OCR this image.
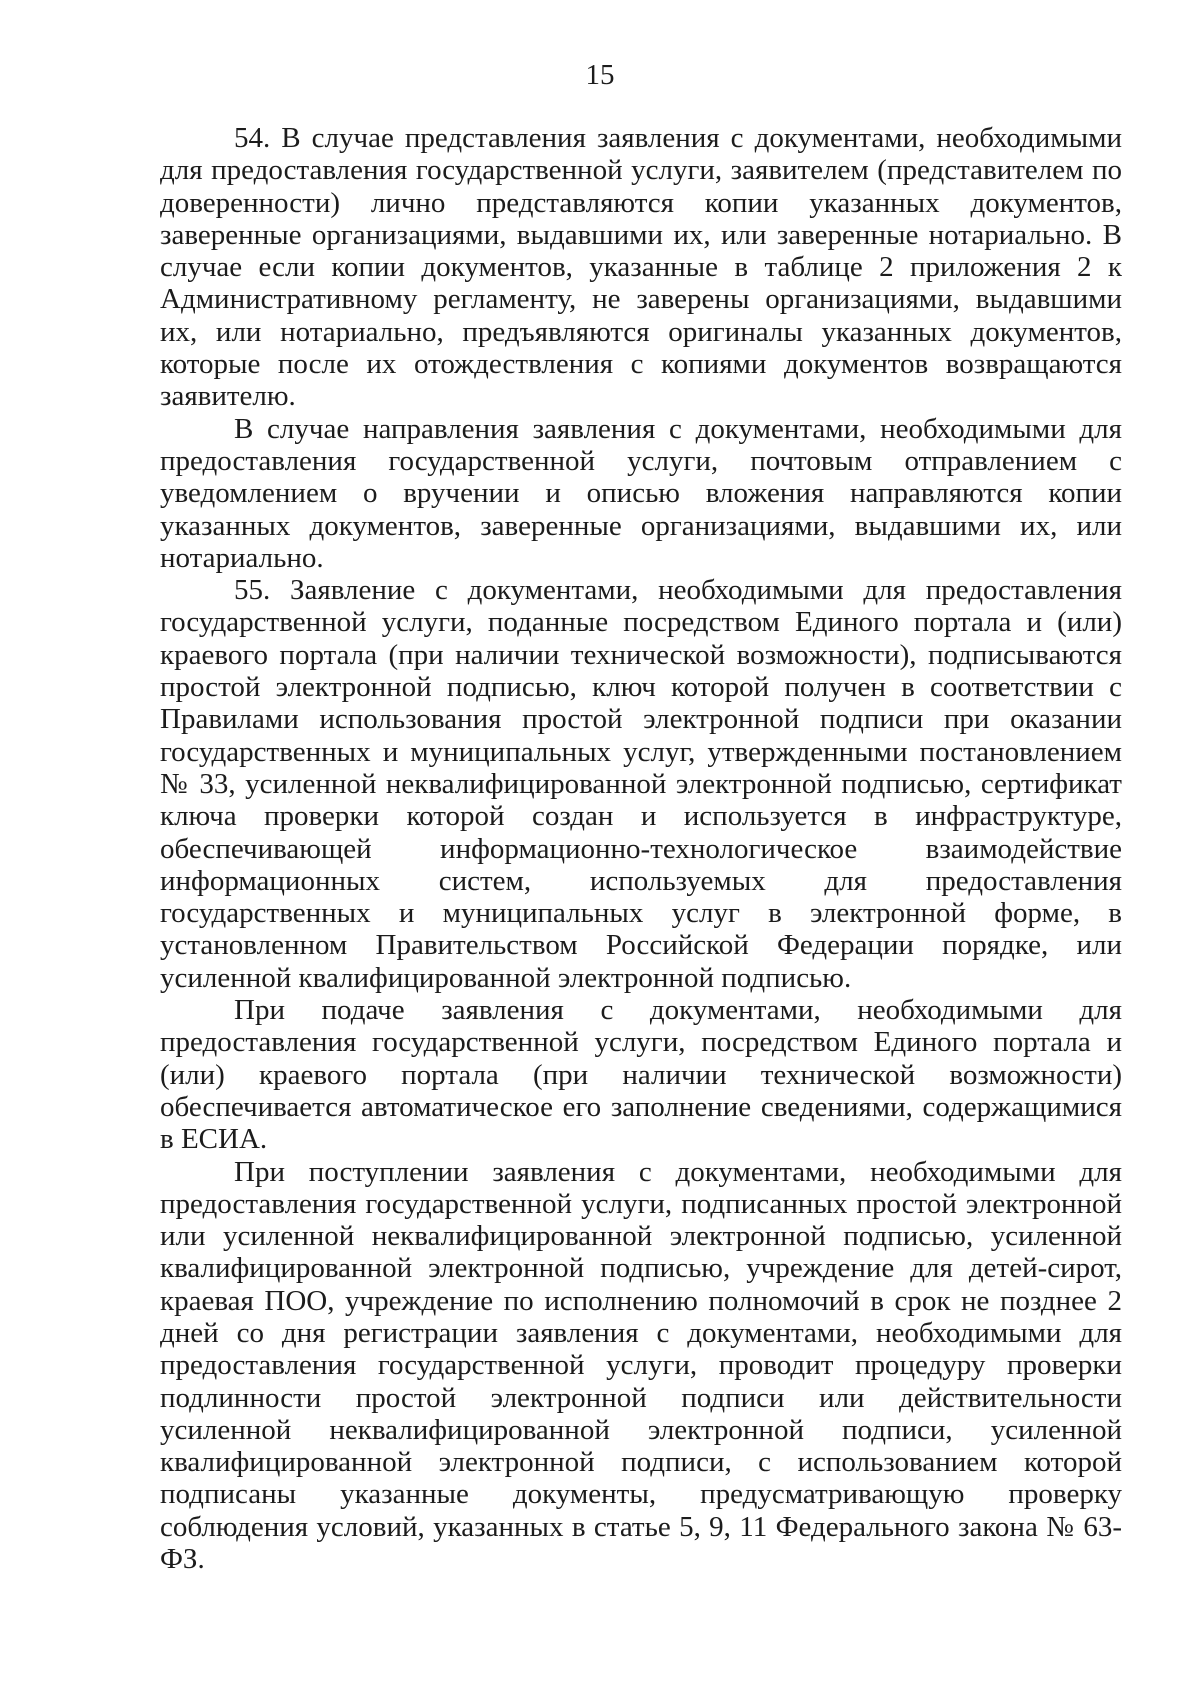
15

54. В случае представления заявления с документами, необходимыми для предоставления государственной услуги, заявителем (представителем по доверенности) лично представляются копии указанных документов, заверенные организациями, выдавшими их, или заверенные нотариально. В случае если копии документов, указанные в таблице 2 приложения 2 к Административному регламенту, не заверены организациями, выдавшими их, или нотариально, предъявляются оригиналы указанных документов, которые после их отождествления с копиями документов возвращаются заявителю.

В случае направления заявления с документами, необходимыми для предоставления государственной услуги, почтовым отправлением с уведомлением о вручении и описью вложения направляются копии указанных документов, заверенные организациями, выдавшими их, или нотариально.

55. Заявление с документами, необходимыми для предоставления государственной услуги, поданные посредством Единого портала и (или) краевого портала (при наличии технической возможности), подписываются простой электронной подписью, ключ которой получен в соответствии с Правилами использования простой электронной подписи при оказании государственных и муниципальных услуг, утвержденными постановлением № 33, усиленной неквалифицированной электронной подписью, сертификат ключа проверки которой создан и используется в инфраструктуре, обеспечивающей информационно-технологическое взаимодействие информационных систем, используемых для предоставления государственных и муниципальных услуг в электронной форме, в установленном Правительством Российской Федерации порядке, или усиленной квалифицированной электронной подписью.

При подаче заявления с документами, необходимыми для предоставления государственной услуги, посредством Единого портала и (или) краевого портала (при наличии технической возможности) обеспечивается автоматическое его заполнение сведениями, содержащимися в ЕСИА.

При поступлении заявления с документами, необходимыми для предоставления государственной услуги, подписанных простой электронной или усиленной неквалифицированной электронной подписью, усиленной квалифицированной электронной подписью, учреждение для детей-сирот, краевая ПОО, учреждение по исполнению полномочий в срок не позднее 2 дней со дня регистрации заявления с документами, необходимыми для предоставления государственной услуги, проводит процедуру проверки подлинности простой электронной подписи или действительности усиленной неквалифицированной электронной подписи, усиленной квалифицированной электронной подписи, с использованием которой подписаны указанные документы, предусматривающую проверку соблюдения условий, указанных в статье 5, 9, 11 Федерального закона № 63-ФЗ.
